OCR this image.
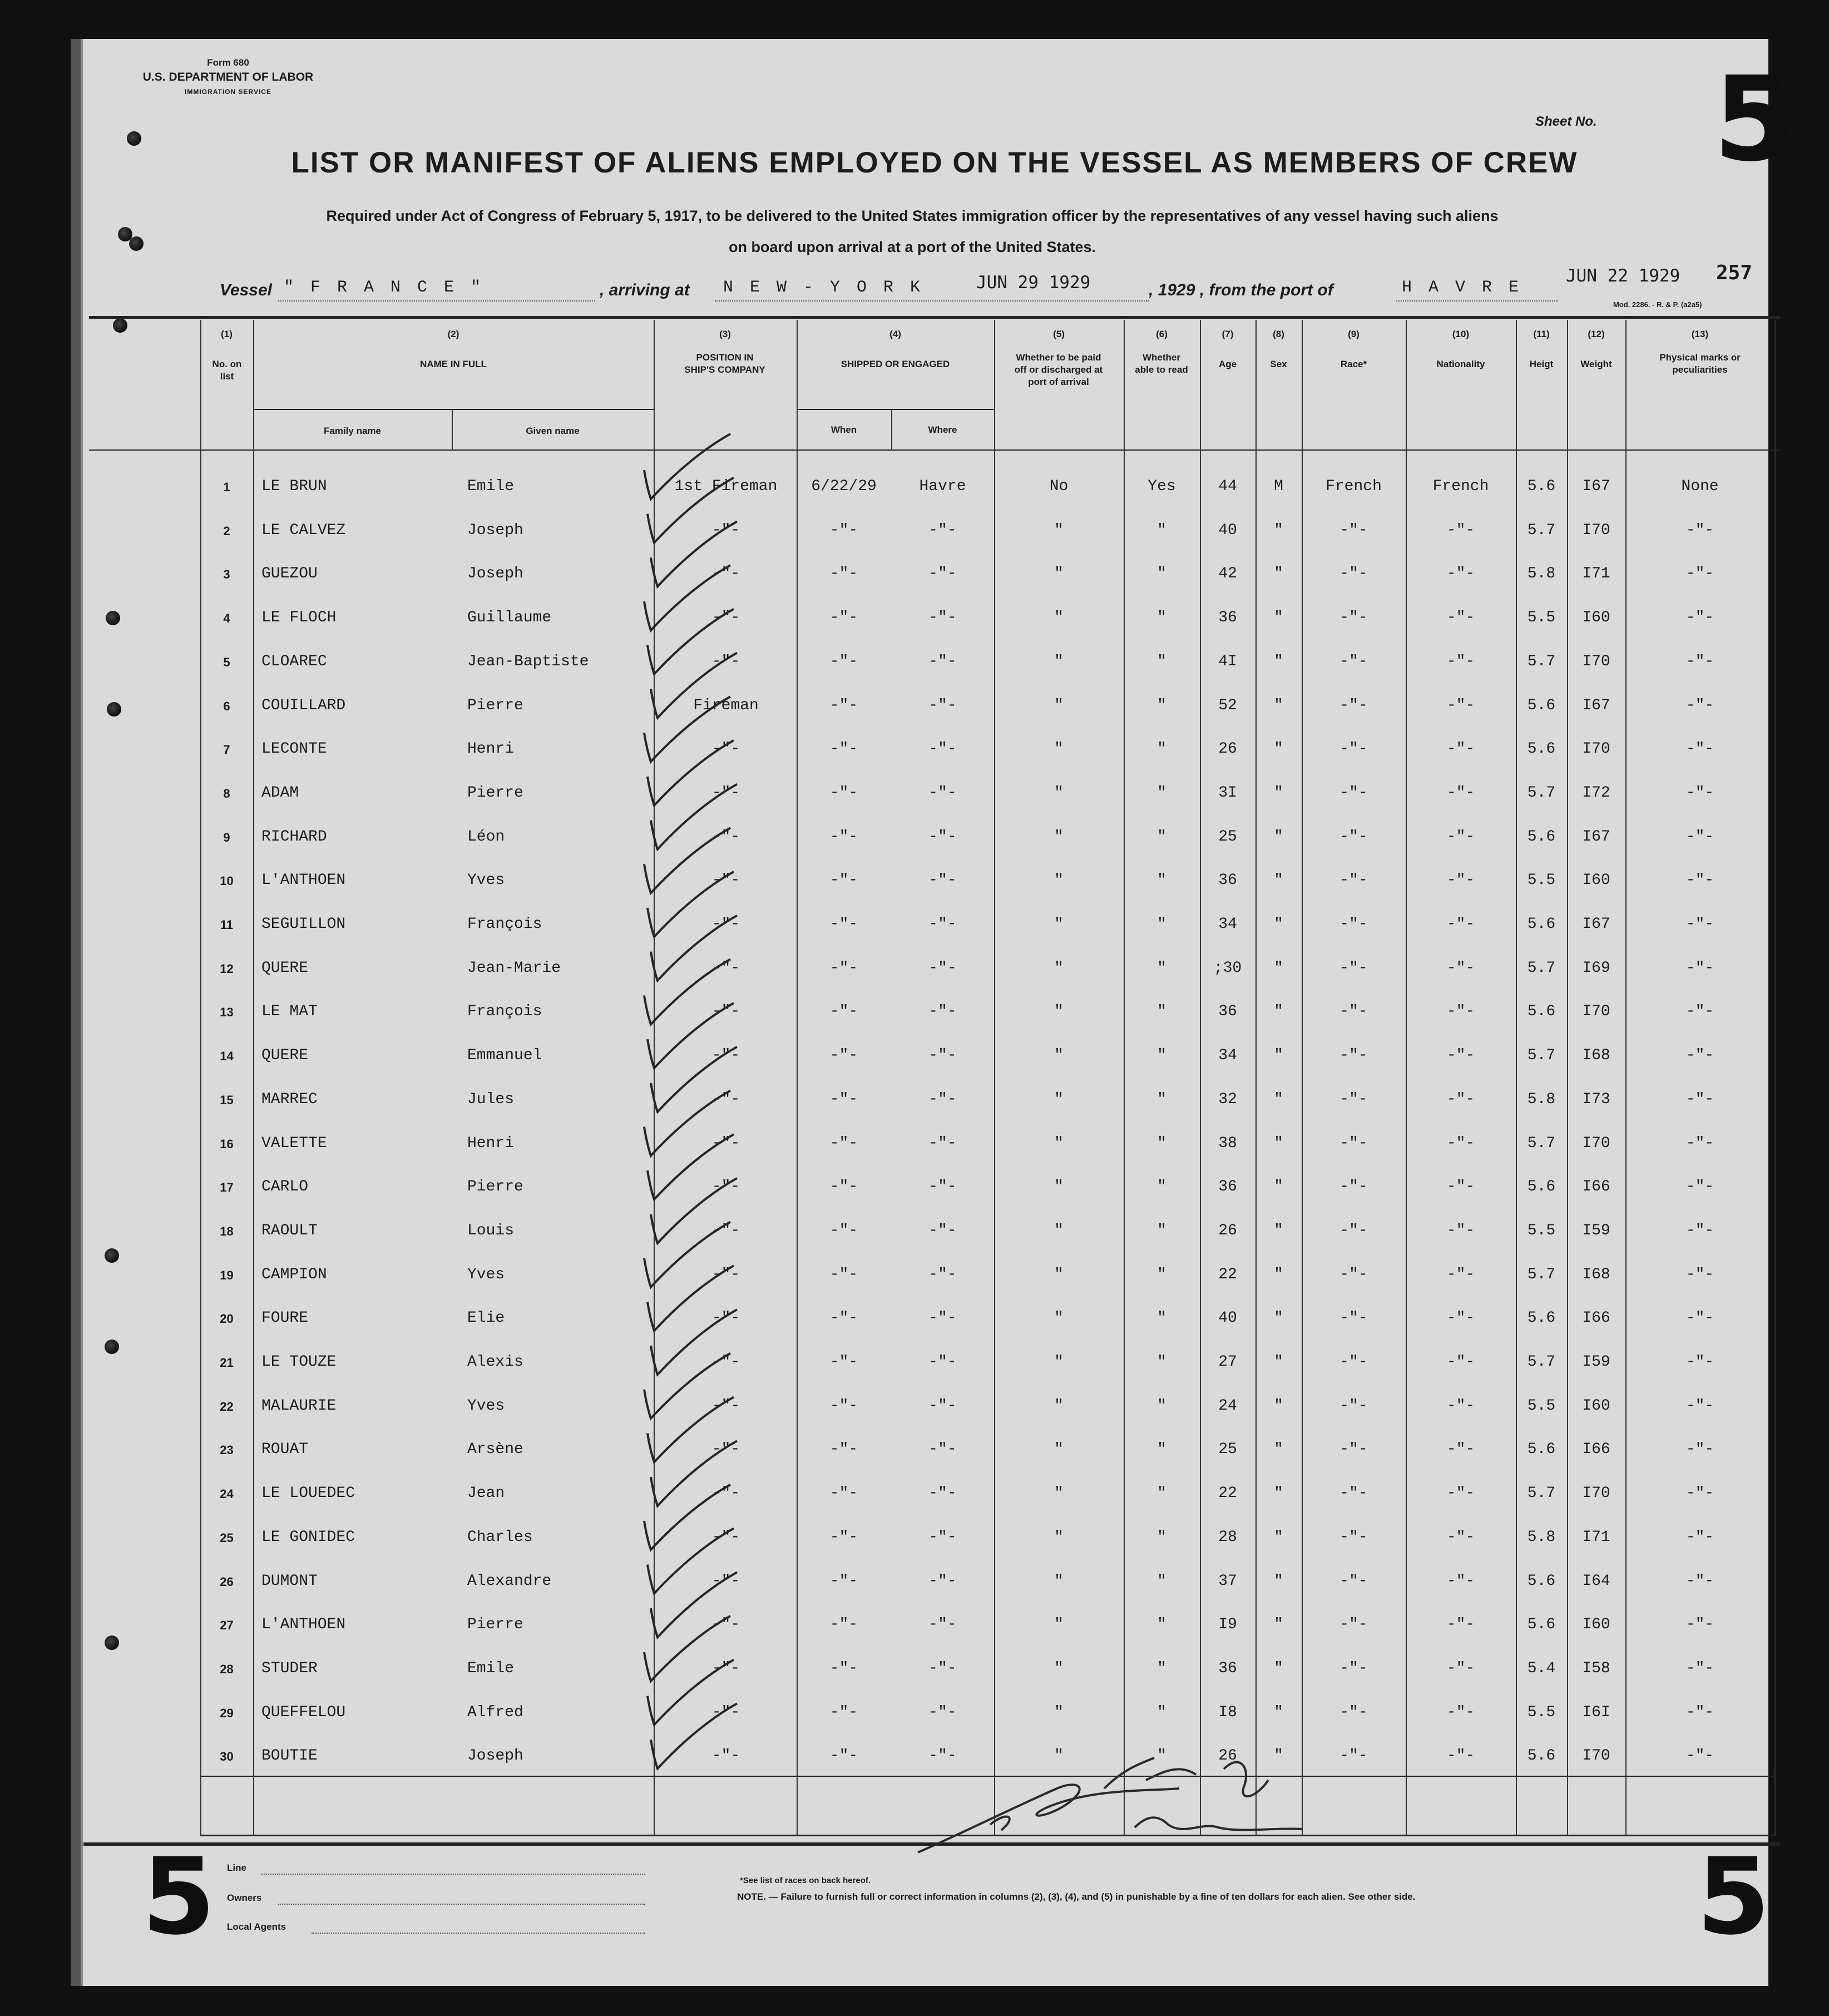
Form 680
U.S. DEPARTMENT OF LABOR
IMMIGRATION SERVICE
Sheet No. 5
LIST OR MANIFEST OF ALIENS EMPLOYED ON THE VESSEL AS MEMBERS OF CREW
Required under Act of Congress of February 5, 1917, to be delivered to the United States immigration officer by the representatives of any vessel having such aliens
on board upon arrival at a port of the United States.
Vessel " F R A N C E "	, arriving at N E W - Y O R K	JUN 29 1929	, 1929 , from the port of	H A V R E
JUN 22 1929 257
Mod. 2286. - R. & P. (a2a5)
(1)
No. on list
(2)
NAME IN FULL
Family name	Given name
(3)
POSITION IN SHIP'S COMPANY
(4)
SHIPPED OR ENGAGED
When	Where
(5)
Whether to be paid off or discharged at port of arrival
(6)
Whether able to read
(7)
Age
(8)
Sex
(9)
Race*
(10)
Nationality
(11)
Heigt
(12)
Weight
(13)
Physical marks or peculiarities
1	LE BRUN	Emile	1st Fireman	6/22/29	Havre	No	Yes	44	M	French	French	5.6	I67	None
2	LE CALVEZ	Joseph	-"-	-"-	-"-	"	"	40	"	-"-	-"-	5.7	I70	-"-
3	GUEZOU	Joseph	-"-	-"-	-"-	"	"	42	"	-"-	-"-	5.8	I71	-"-
4	LE FLOCH	Guillaume	-"-	-"-	-"-	"	"	36	"	-"-	-"-	5.5	I60	-"-
5	CLOAREC	Jean-Baptiste	-"-	-"-	-"-	"	"	4I	"	-"-	-"-	5.7	I70	-"-
6	COUILLARD	Pierre	Fireman	-"-	-"-	"	"	52	"	-"-	-"-	5.6	I67	-"-
7	LECONTE	Henri	-"-	-"-	-"-	"	"	26	"	-"-	-"-	5.6	I70	-"-
8	ADAM	Pierre	-"-	-"-	-"-	"	"	3I	"	-"-	-"-	5.7	I72	-"-
9	RICHARD	Léon	-"-	-"-	-"-	"	"	25	"	-"-	-"-	5.6	I67	-"-
10	L'ANTHOEN	Yves	-"-	-"-	-"-	"	"	36	"	-"-	-"-	5.5	I60	-"-
11	SEGUILLON	François	-"-	-"-	-"-	"	"	34	"	-"-	-"-	5.6	I67	-"-
12	QUERE	Jean-Marie	-"-	-"-	-"-	"	"	;30	"	-"-	-"-	5.7	I69	-"-
13	LE MAT	François	-"-	-"-	-"-	"	"	36	"	-"-	-"-	5.6	I70	-"-
14	QUERE	Emmanuel	-"-	-"-	-"-	"	"	34	"	-"-	-"-	5.7	I68	-"-
15	MARREC	Jules	-"-	-"-	-"-	"	"	32	"	-"-	-"-	5.8	I73	-"-
16	VALETTE	Henri	-"-	-"-	-"-	"	"	38	"	-"-	-"-	5.7	I70	-"-
17	CARLO	Pierre	-"-	-"-	-"-	"	"	36	"	-"-	-"-	5.6	I66	-"-
18	RAOULT	Louis	-"-	-"-	-"-	"	"	26	"	-"-	-"-	5.5	I59	-"-
19	CAMPION	Yves	-"-	-"-	-"-	"	"	22	"	-"-	-"-	5.7	I68	-"-
20	FOURE	Elie	-"-	-"-	-"-	"	"	40	"	-"-	-"-	5.6	I66	-"-
21	LE TOUZE	Alexis	-"-	-"-	-"-	"	"	27	"	-"-	-"-	5.7	I59	-"-
22	MALAURIE	Yves	-"-	-"-	-"-	"	"	24	"	-"-	-"-	5.5	I60	-"-
23	ROUAT	Arsène	-"-	-"-	-"-	"	"	25	"	-"-	-"-	5.6	I66	-"-
24	LE LOUEDEC	Jean	-"-	-"-	-"-	"	"	22	"	-"-	-"-	5.7	I70	-"-
25	LE GONIDEC	Charles	-"-	-"-	-"-	"	"	28	"	-"-	-"-	5.8	I71	-"-
26	DUMONT	Alexandre	-"-	-"-	-"-	"	"	37	"	-"-	-"-	5.6	I64	-"-
27	L'ANTHOEN	Pierre	-"-	-"-	-"-	"	"	I9	"	-"-	-"-	5.6	I60	-"-
28	STUDER	Emile	-"-	-"-	-"-	"	"	36	"	-"-	-"-	5.4	I58	-"-
29	QUEFFELOU	Alfred	-"-	-"-	-"-	"	"	I8	"	-"-	-"-	5.5	I6I	-"-
30	BOUTIE	Joseph	-"-	-"-	-"-	"	"	26	"	-"-	-"-	5.6	I70	-"-
5	5
Line
Owners
Local Agents
*See list of races on back hereof.
NOTE. — Failure to furnish full or correct information in columns (2), (3), (4), and (5) in punishable by a fine of ten dollars for each alien. See other side.
